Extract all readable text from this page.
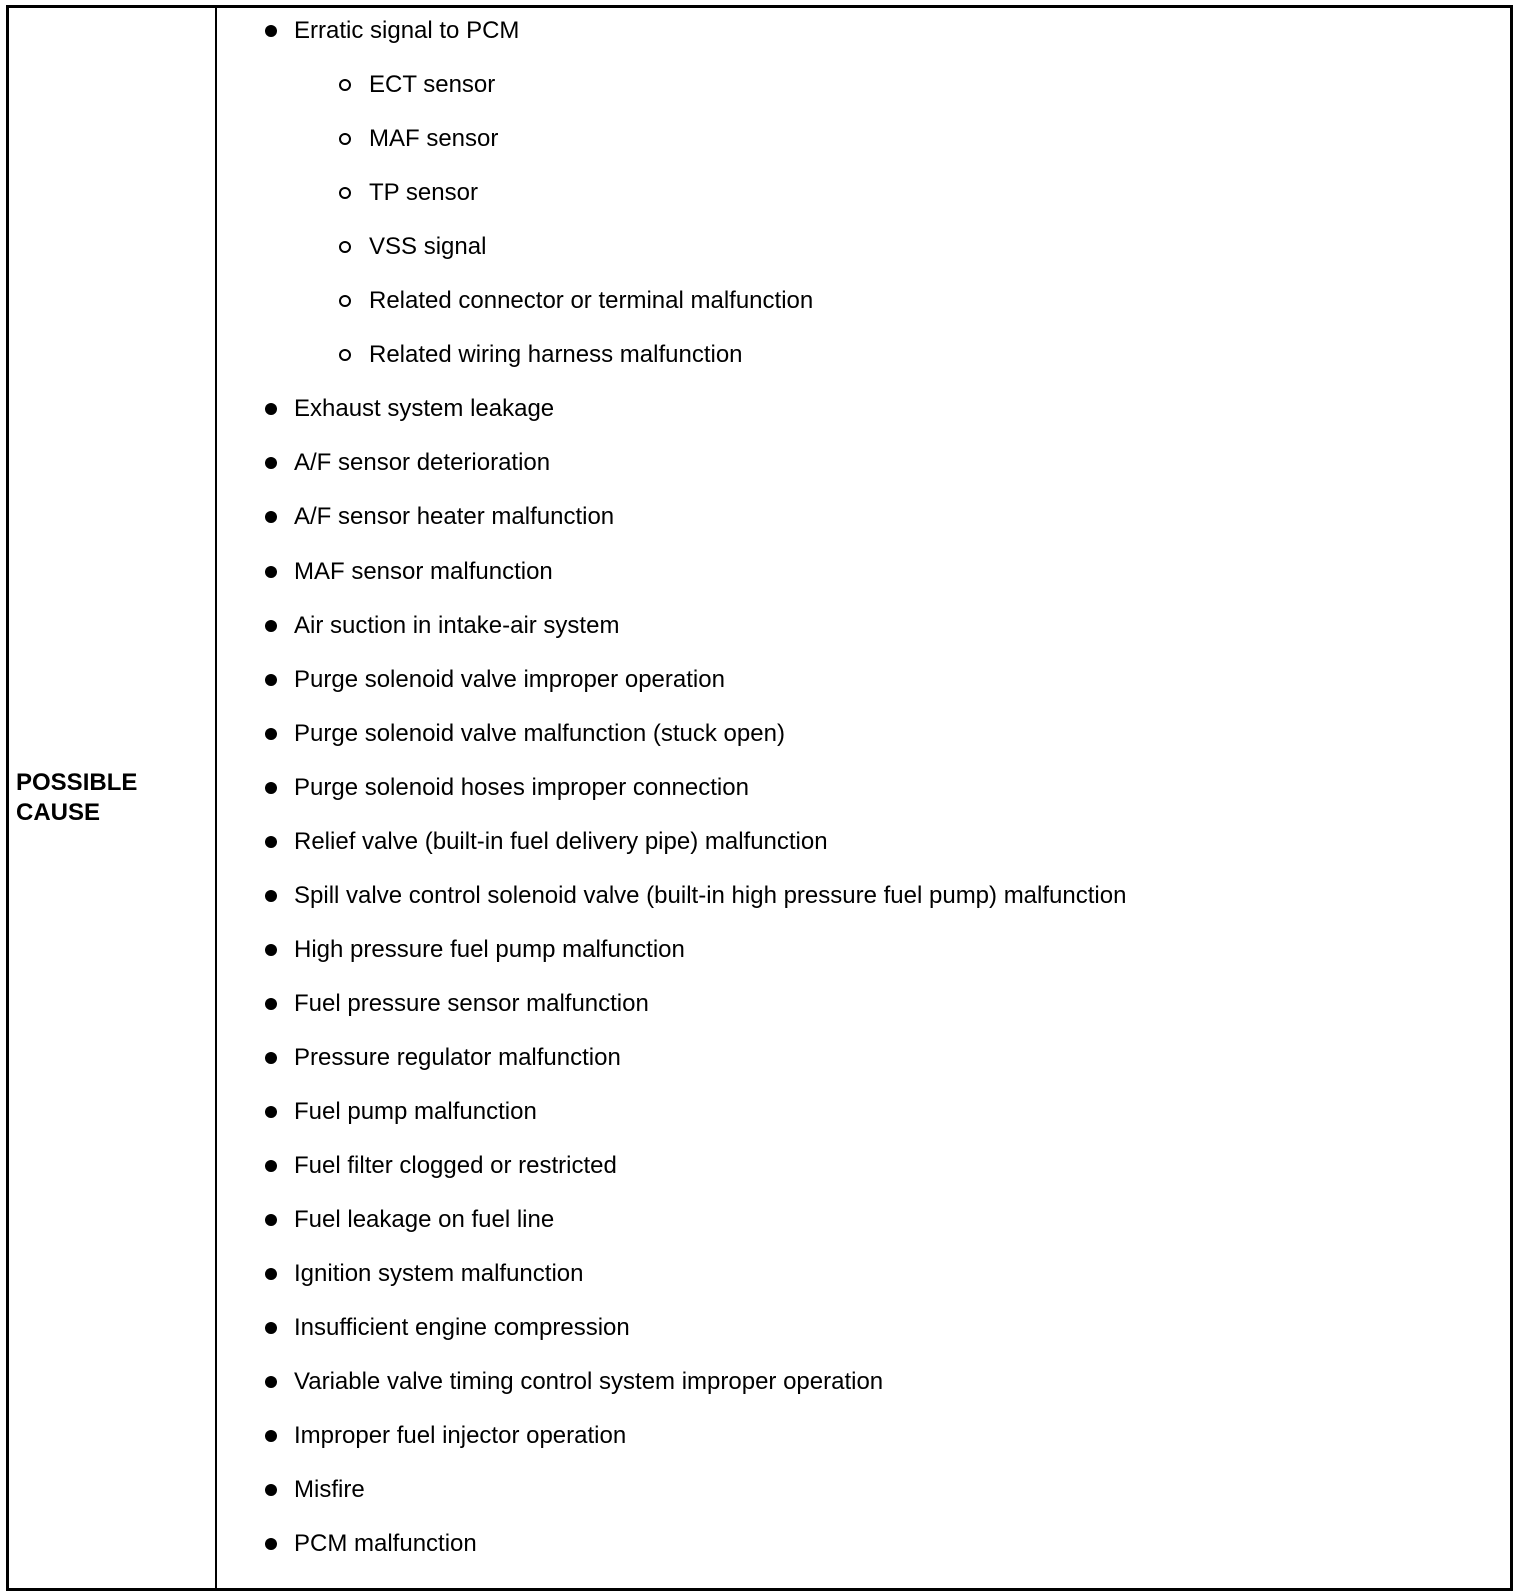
POSSIBLE
CAUSE
Erratic signal to PCM
ECT sensor
MAF sensor
TP sensor
VSS signal
Related connector or terminal malfunction
Related wiring harness malfunction
Exhaust system leakage
A/F sensor deterioration
A/F sensor heater malfunction
MAF sensor malfunction
Air suction in intake-air system
Purge solenoid valve improper operation
Purge solenoid valve malfunction (stuck open)
Purge solenoid hoses improper connection
Relief valve (built-in fuel delivery pipe) malfunction
Spill valve control solenoid valve (built-in high pressure fuel pump) malfunction
High pressure fuel pump malfunction
Fuel pressure sensor malfunction
Pressure regulator malfunction
Fuel pump malfunction
Fuel filter clogged or restricted
Fuel leakage on fuel line
Ignition system malfunction
Insufficient engine compression
Variable valve timing control system improper operation
Improper fuel injector operation
Misfire
PCM malfunction
